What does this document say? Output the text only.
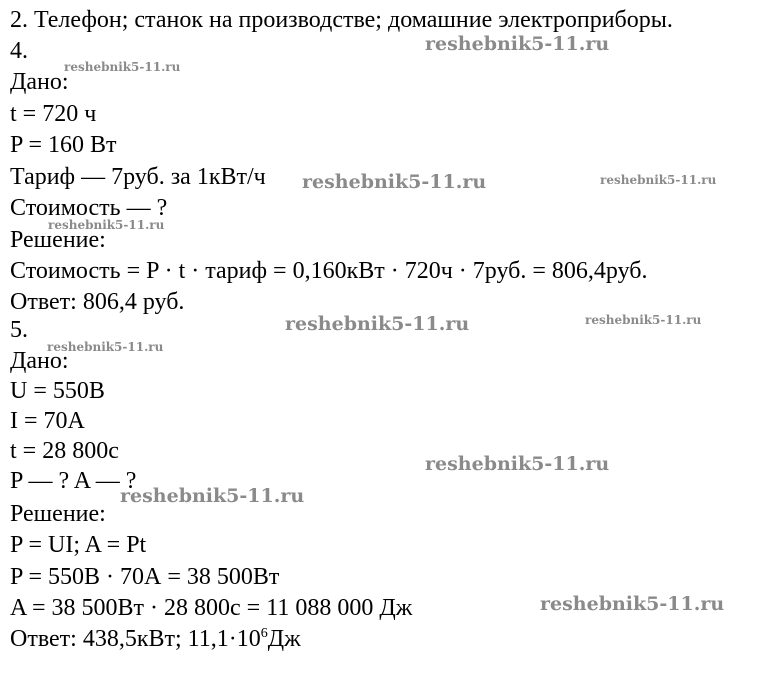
2. Телефон; станок на производстве; домашние электроприборы.
4.
Дано:
t = 720 ч
P = 160 Вт
Тариф — 7руб. за 1кВт/ч
Стоимость — ?
Решение:
Стоимость = P · t · тариф = 0,160кВт · 720ч · 7руб. = 806,4руб.
Ответ: 806,4 руб.
5.
Дано:
U = 550В
I = 70А
t = 28 800с
P — ? A — ?
Решение:
P = UI; A = Pt
P = 550В · 70А = 38 500Вт
A = 38 500Вт · 28 800с = 11 088 000 Дж
Ответ: 438,5кВт; $11,1\cdot 10^6Дж$
reshebnik5-11.ru
reshebnik5-11.ru
reshebnik5-11.ru	reshebnik5-11.ru
reshebnik5-11.ru
reshebnik5-11.ru	reshebnik5-11.ru
reshebnik5-11.ru
reshebnik5-11.ru
reshebnik5-11.ru
reshebnik5-11.ru
